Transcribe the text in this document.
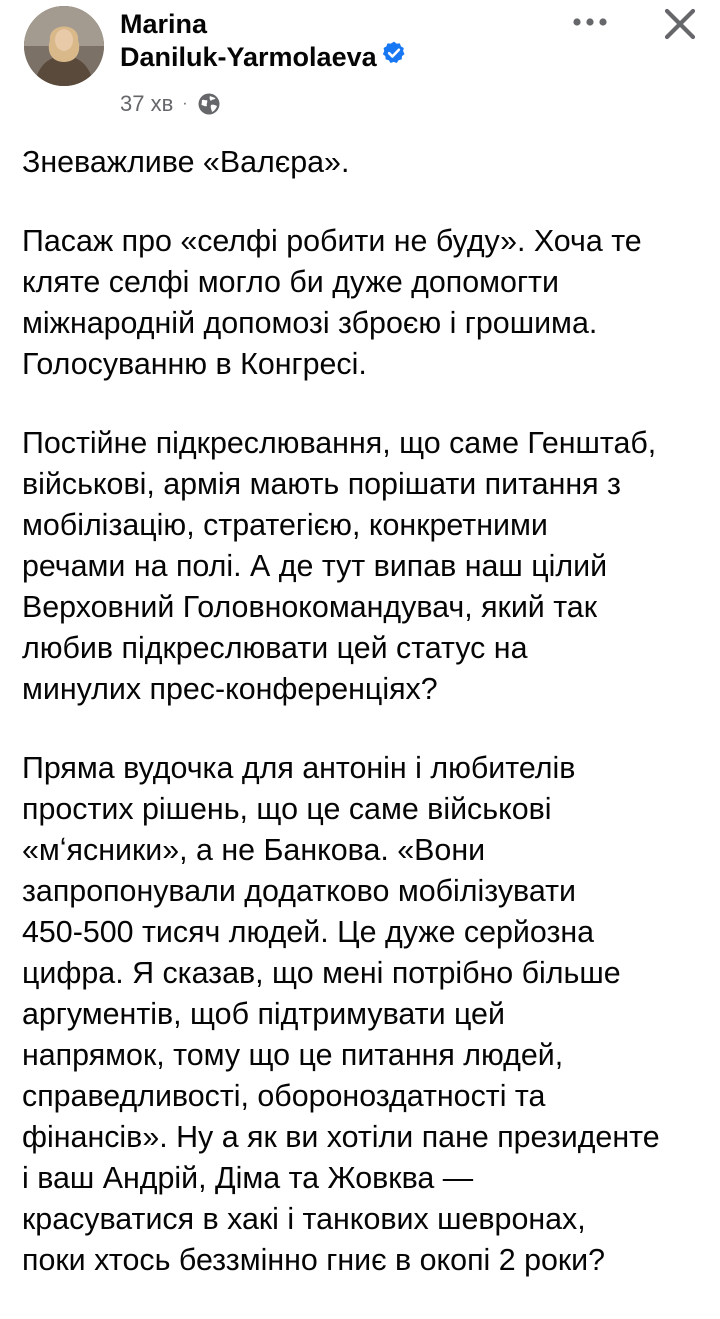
Marina
Daniluk-Yarmolaeva
37 хв ·

Зневажливе «Валєра».

Пасаж про «селфі робити не буду». Хоча те
кляте селфі могло би дуже допомогти
міжнародній допомозі зброєю і грошима.
Голосуванню в Конгресі.

Постійне підкреслювання, що саме Генштаб,
військові, армія мають порішати питання з
мобілізацію, стратегією, конкретними
речами на полі. А де тут випав наш цілий
Верховний Головнокомандувач, який так
любив підкреслювати цей статус на
минулих прес-конференціях?

Пряма вудочка для антонін і любителів
простих рішень, що це саме військові
«мʻясники», а не Банкова. «Вони
запропонували додатково мобілізувати
450-500 тисяч людей. Це дуже серйозна
цифра. Я сказав, що мені потрібно більше
аргументів, щоб підтримувати цей
напрямок, тому що це питання людей,
справедливості, обороноздатності та
фінансів». Ну а як ви хотіли пане президенте
і ваш Андрій, Діма та Жовква —
красуватися в хакі і танкових шевронах,
поки хтось беззмінно гниє в окопі 2 роки?
